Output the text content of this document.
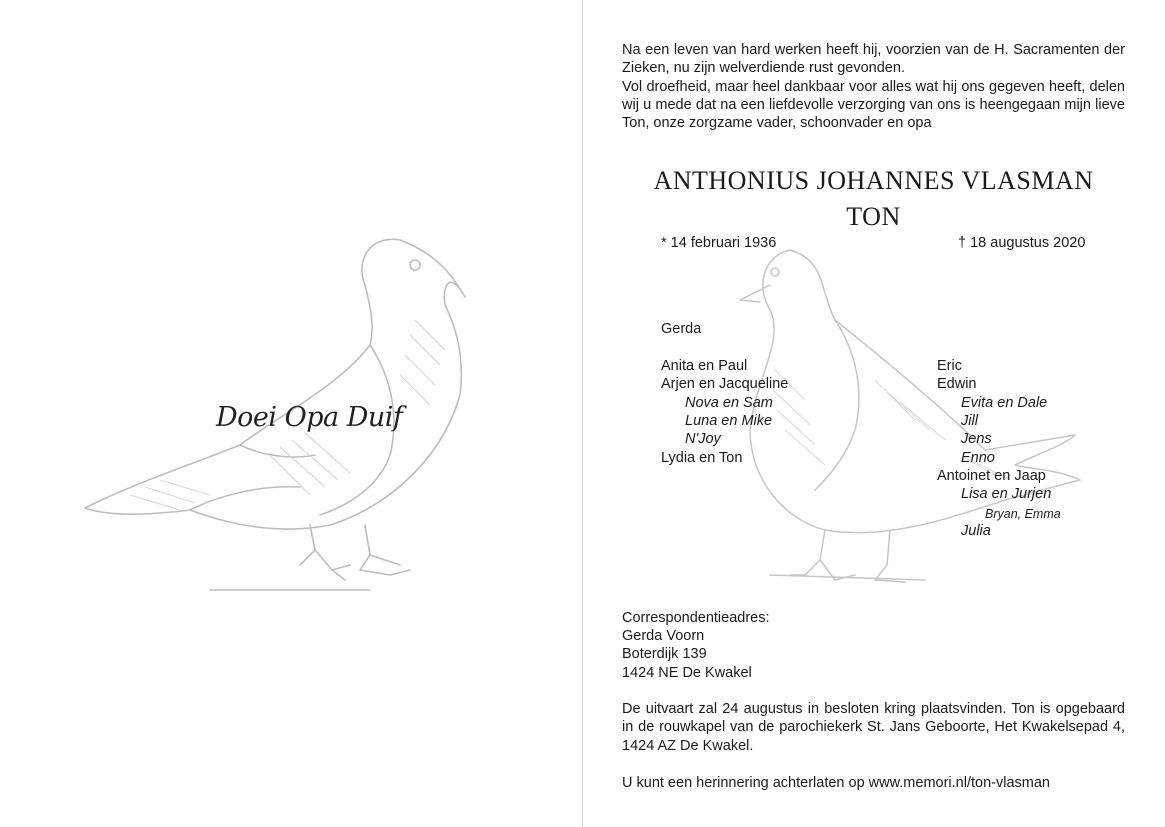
Doei Opa Duif

Na een leven van hard werken heeft hij, voorzien van de H. Sacramenten der Zieken, nu zijn welverdiende rust gevonden.

Vol droefheid, maar heel dankbaar voor alles wat hij ons gegeven heeft, delen wij u mede dat na een liefdevolle verzorging van ons is heengegaan mijn lieve Ton, onze zorgzame vader, schoonvader en opa

ANTHONIUS JOHANNES VLASMAN
TON
* 14 februari 1936	† 18 augustus 2020
Gerda
Anita en Paul
Arjen en Jacqueline
Nova en Sam
Luna en Mike
N'Joy
Lydia en Ton
Eric
Edwin
Evita en Dale
Jill
Jens
Enno
Antoinet en Jaap
Lisa en Jurjen
Bryan, Emma
Julia
Correspondentieadres:
Gerda Voorn
Boterdijk 139
1424 NE De Kwakel
De uitvaart zal 24 augustus in besloten kring plaatsvinden. Ton is opgebaard in de rouwkapel van de parochiekerk St. Jans Geboorte, Het Kwakelsepad 4, 1424 AZ De Kwakel.
U kunt een herinnering achterlaten op www.memori.nl/ton-vlasman
